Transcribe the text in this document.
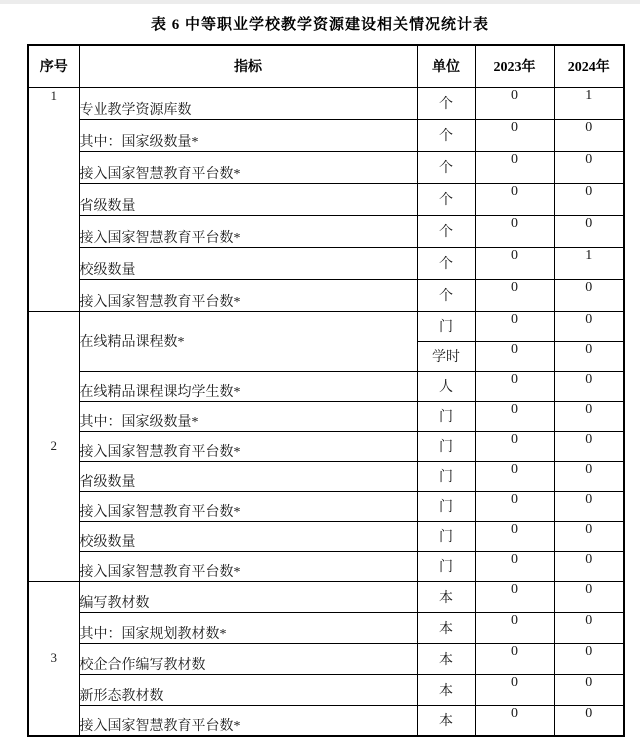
表 6 中等职业学校教学资源建设相关情况统计表
序号	指标	单位	2023年	2024年
1	专业教学资源库数	个	0	1
	其中：国家级数量*	个	0	0
	接入国家智慧教育平台数*	个	0	0
	省级数量	个	0	0
	接入国家智慧教育平台数*	个	0	0
	校级数量	个	0	1
	接入国家智慧教育平台数*	个	0	0
2	在线精品课程数*	门	0	0
		学时	0	0
	在线精品课程课均学生数*	人	0	0
	其中：国家级数量*	门	0	0
	接入国家智慧教育平台数*	门	0	0
	省级数量	门	0	0
	接入国家智慧教育平台数*	门	0	0
	校级数量	门	0	0
	接入国家智慧教育平台数*	门	0	0
3	编写教材数	本	0	0
	其中：国家规划教材数*	本	0	0
	校企合作编写教材数	本	0	0
	新形态教材数	本	0	0
	接入国家智慧教育平台数*	本	0	0
